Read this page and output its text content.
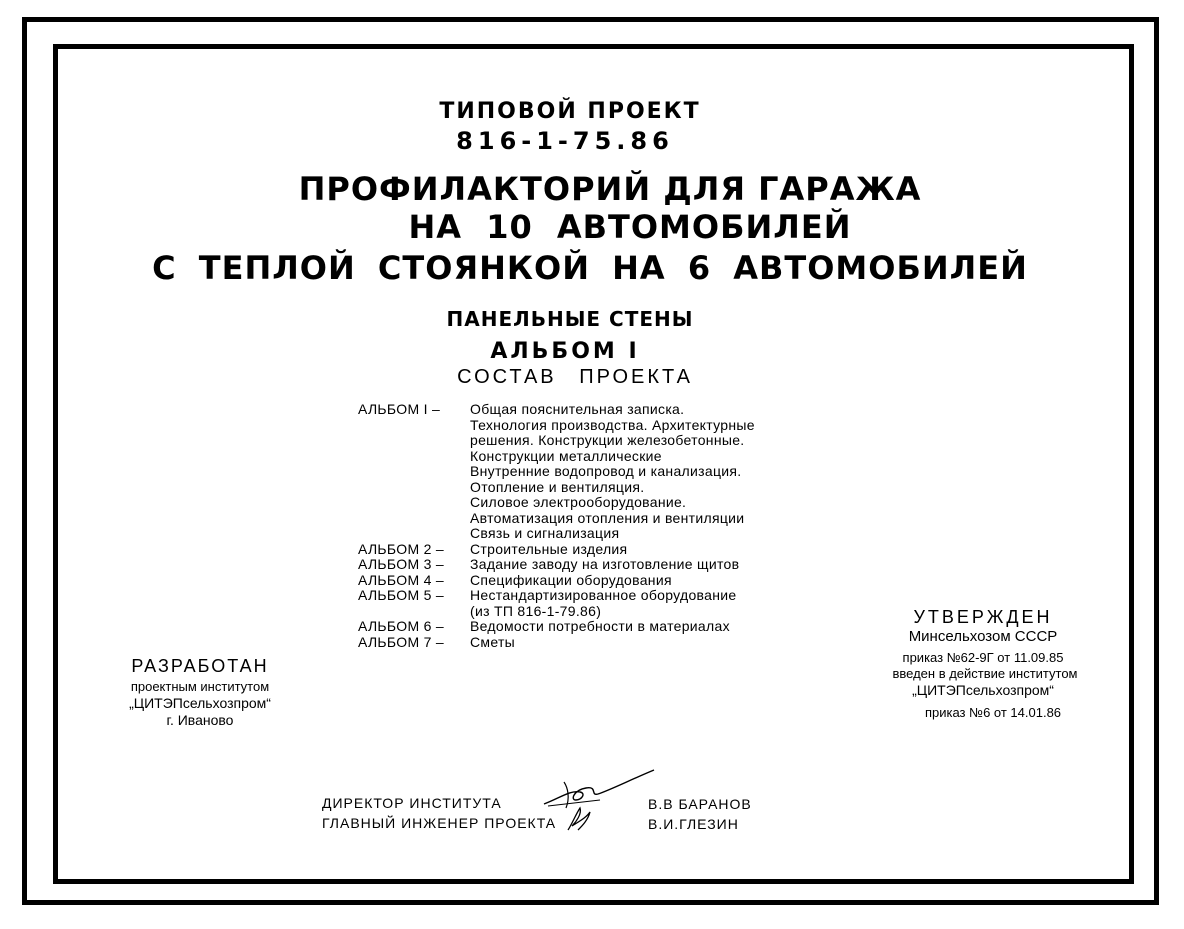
ТИПОВОЙ ПРОЕКТ
816-1-75.86
ПРОФИЛАКТОРИЙ ДЛЯ ГАРАЖА
НА 10 АВТОМОБИЛЕЙ
С ТЕПЛОЙ СТОЯНКОЙ НА 6 АВТОМОБИЛЕЙ
ПАНЕЛЬНЫЕ СТЕНЫ
АЛЬБОМ I
СОСТАВ ПРОЕКТА
АЛЬБОМ I –	Общая пояснительная записка.
Технология производства. Архитектурные
решения. Конструкции железобетонные.
Конструкции металлические
Внутренние водопровод и канализация.
Отопление и вентиляция.
Силовое электрооборудование.
Автоматизация отопления и вентиляции
Связь и сигнализация
АЛЬБОМ 2 –	Строительные изделия
АЛЬБОМ 3 –	Задание заводу на изготовление щитов
АЛЬБОМ 4 –	Спецификации оборудования
АЛЬБОМ 5 –	Нестандартизированное оборудование
(из ТП 816-1-79.86)
АЛЬБОМ 6 –	Ведомости потребности в материалах
АЛЬБОМ 7 –	Сметы
РАЗРАБОТАН
проектным институтом
„ЦИТЭПсельхозпром“
г. Иваново
УТВЕРЖДЕН
Минсельхозом СССР
приказ №62-9Г от 11.09.85
введен в действие институтом
„ЦИТЭПсельхозпром“
приказ №6 от 14.01.86
ДИРЕКТОР ИНСТИТУТА	В.В БАРАНОВ
ГЛАВНЫЙ ИНЖЕНЕР ПРОЕКТА	В.И.ГЛЕЗИН
